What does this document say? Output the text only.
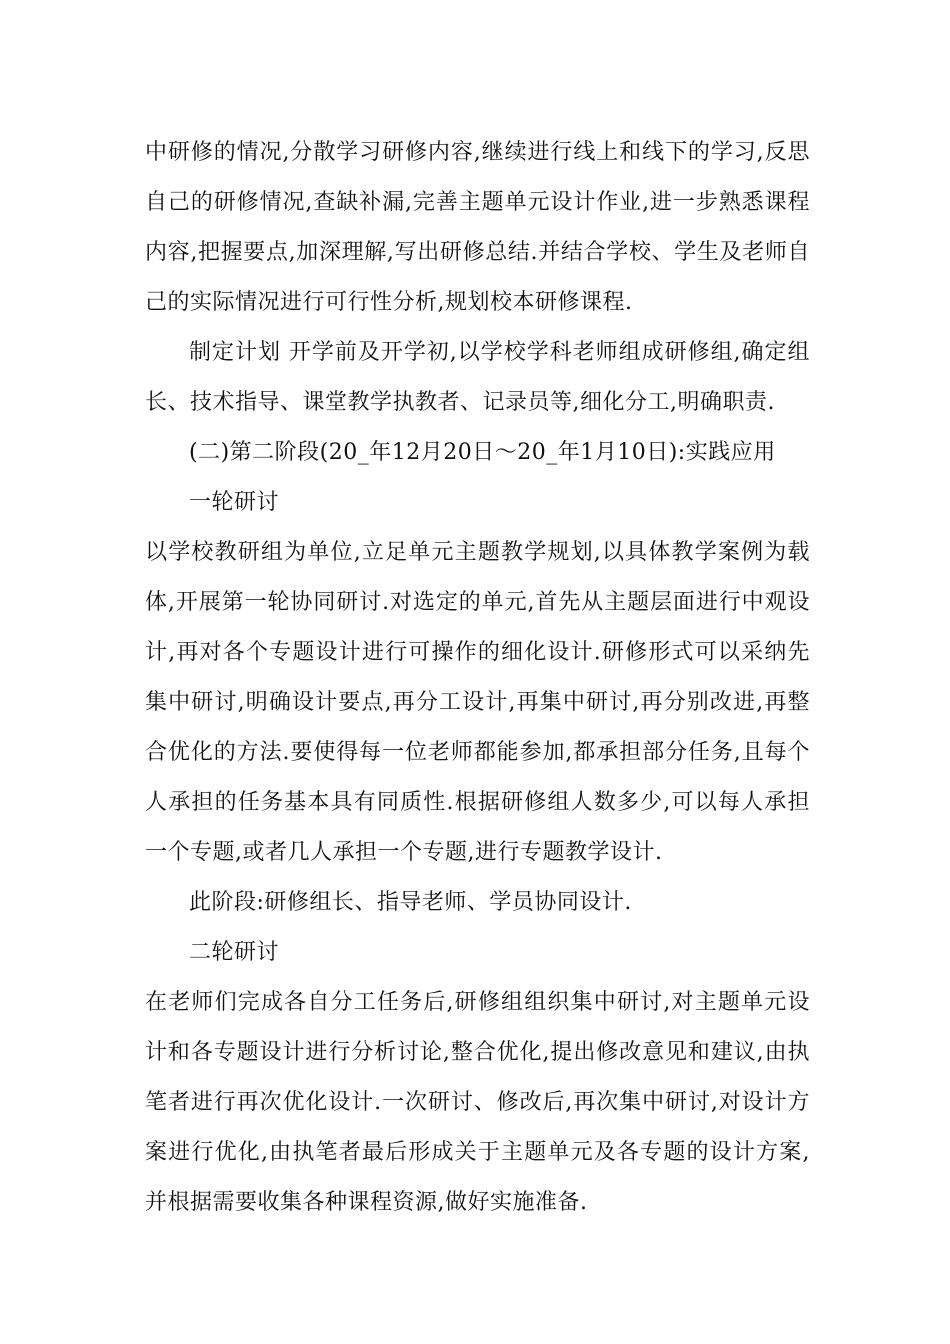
中研修的情况,分散学习研修内容,继续进行线上和线下的学习,反思自己的研修情况,查缺补漏,完善主题单元设计作业,进一步熟悉课程内容,把握要点,加深理解,写出研修总结.并结合学校、学生及老师自己的实际情况进行可行性分析,规划校本研修课程.

制定计划 开学前及开学初,以学校学科老师组成研修组,确定组长、技术指导、课堂教学执教者、记录员等,细化分工,明确职责.

(二)第二阶段(20_年12月20日～20_年1月10日):实践应用

一轮研讨

以学校教研组为单位,立足单元主题教学规划,以具体教学案例为载体,开展第一轮协同研讨.对选定的单元,首先从主题层面进行中观设计,再对各个专题设计进行可操作的细化设计.研修形式可以采纳先集中研讨,明确设计要点,再分工设计,再集中研讨,再分别改进,再整合优化的方法.要使得每一位老师都能参加,都承担部分任务,且每个人承担的任务基本具有同质性.根据研修组人数多少,可以每人承担一个专题,或者几人承担一个专题,进行专题教学设计.

此阶段:研修组长、指导老师、学员协同设计.

二轮研讨

在老师们完成各自分工任务后,研修组组织集中研讨,对主题单元设计和各专题设计进行分析讨论,整合优化,提出修改意见和建议,由执笔者进行再次优化设计.一次研讨、修改后,再次集中研讨,对设计方案进行优化,由执笔者最后形成关于主题单元及各专题的设计方案,并根据需要收集各种课程资源,做好实施准备.
